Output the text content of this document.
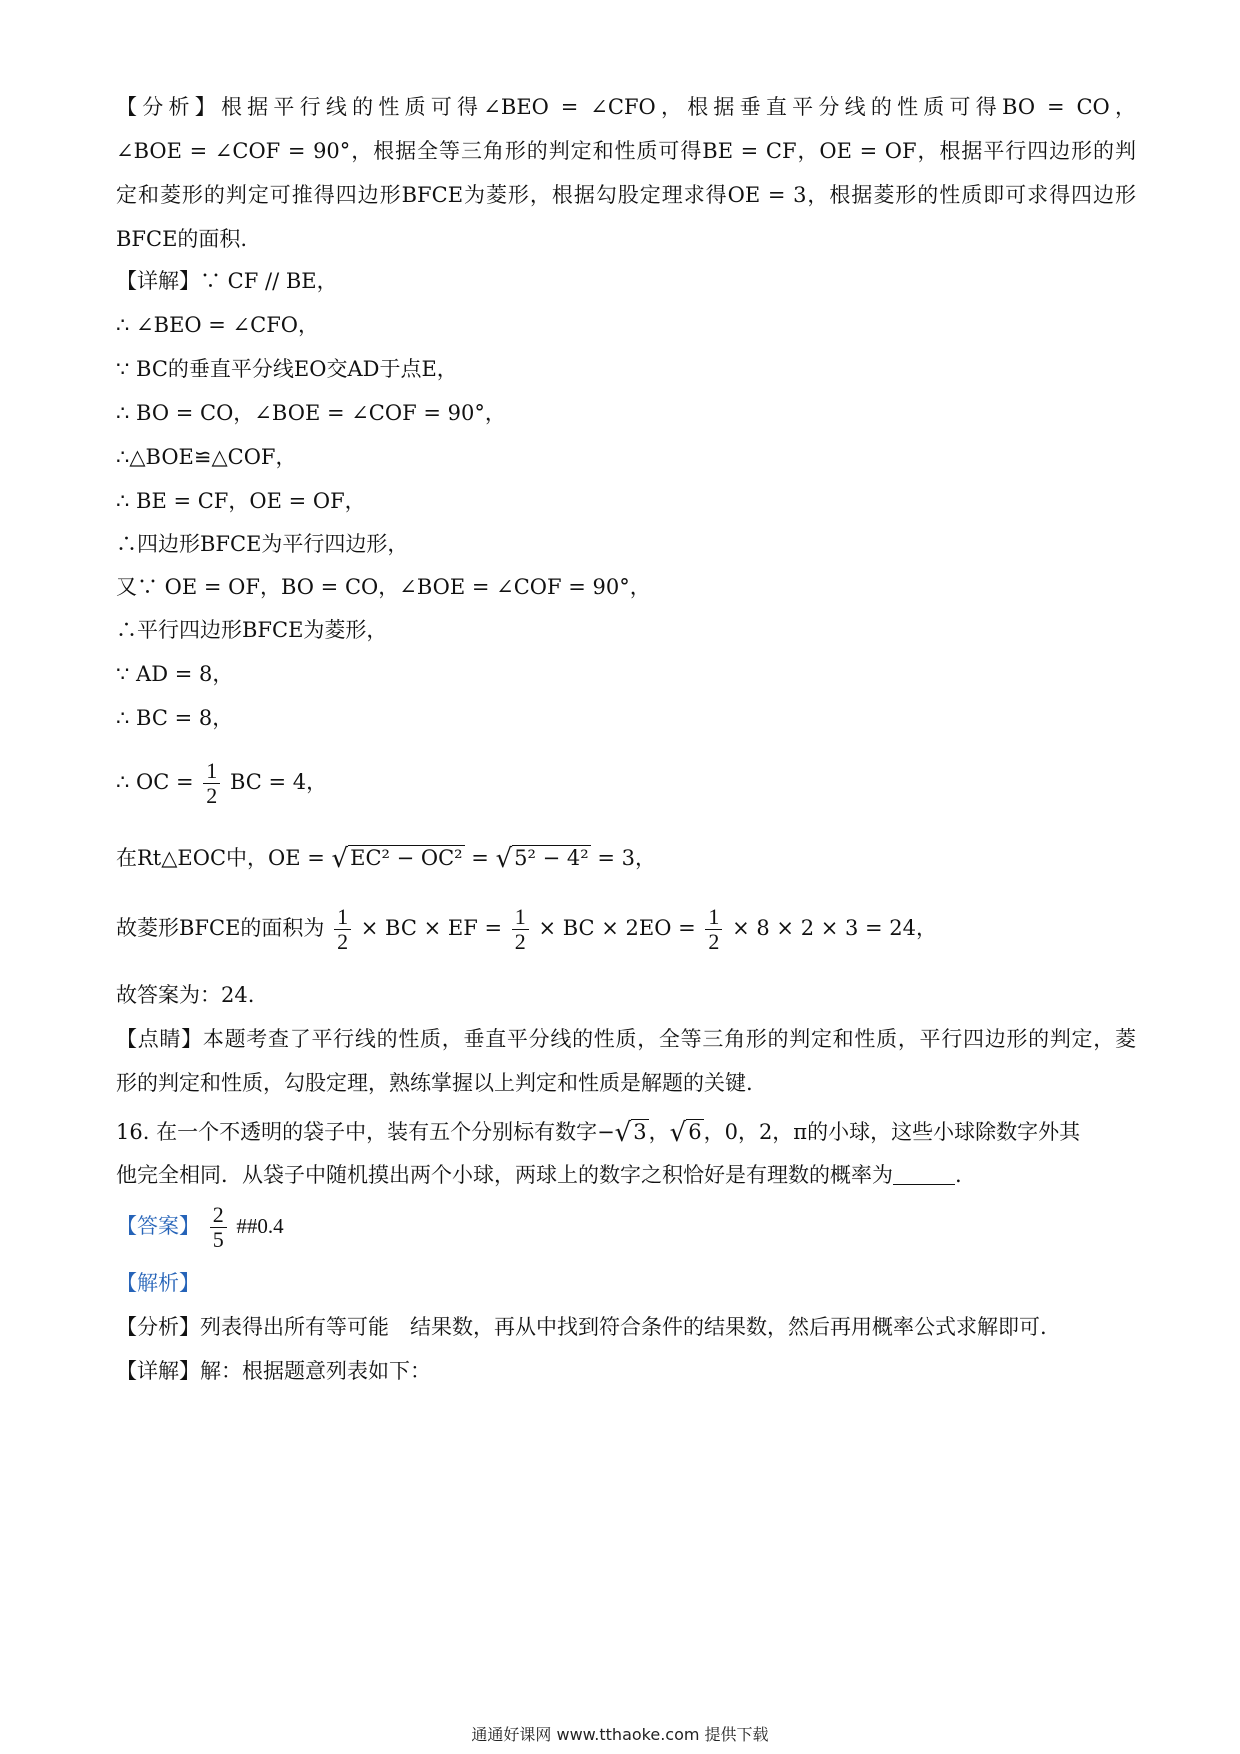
【分析】根据平行线的性质可得∠BEO = ∠CFO，根据垂直平分线的性质可得BO = CO，
∠BOE = ∠COF = 90°，根据全等三角形的判定和性质可得BE = CF，OE = OF，根据平行四边形的判
定和菱形的判定可推得四边形BFCE为菱形，根据勾股定理求得OE = 3，根据菱形的性质即可求得四边形
BFCE的面积.
【详解】∵ CF // BE，
∴ ∠BEO = ∠CFO，
∵ BC的垂直平分线EO交AD于点E，
∴ BO = CO，∠BOE = ∠COF = 90°，
∴△BOE≌△COF，
∴ BE = CF，OE = OF，
∴四边形BFCE为平行四边形，
又∵ OE = OF，BO = CO，∠BOE = ∠COF = 90°，
∴平行四边形BFCE为菱形，
∵ AD = 8，
∴ BC = 8，
∴ OC = $\frac{1}{2}$ BC = 4，
在Rt△EOC中，OE = √EC² − OC² = √5² − 4² = 3，
故菱形BFCE的面积为 $\frac{1}{2}$ × BC × EF = $\frac{1}{2}$ × BC × $2EO = \frac{1}{2} \times 8 \times 2 \times 3 = 24$，
故答案为：24.
【点睛】本题考查了平行线的性质，垂直平分线的性质，全等三角形的判定和性质，平行四边形的判定，菱
形的判定和性质，勾股定理，熟练掌握以上判定和性质是解题的关键.
16. 在一个不透明的袋子中，装有五个分别标有数字−√3，√6，0，2，π的小球，这些小球除数字外其
他完全相同．从袋子中随机摸出两个小球，两球上的数字之积恰好是有理数的概率为	.
【答案】 $\frac{2}{5}$ ##0.4
【解析】
【分析】列表得出所有等可能　结果数，再从中找到符合条件的结果数，然后再用概率公式求解即可.
【详解】解：根据题意列表如下：
通通好课网 www.tthaoke.com 提供下载
